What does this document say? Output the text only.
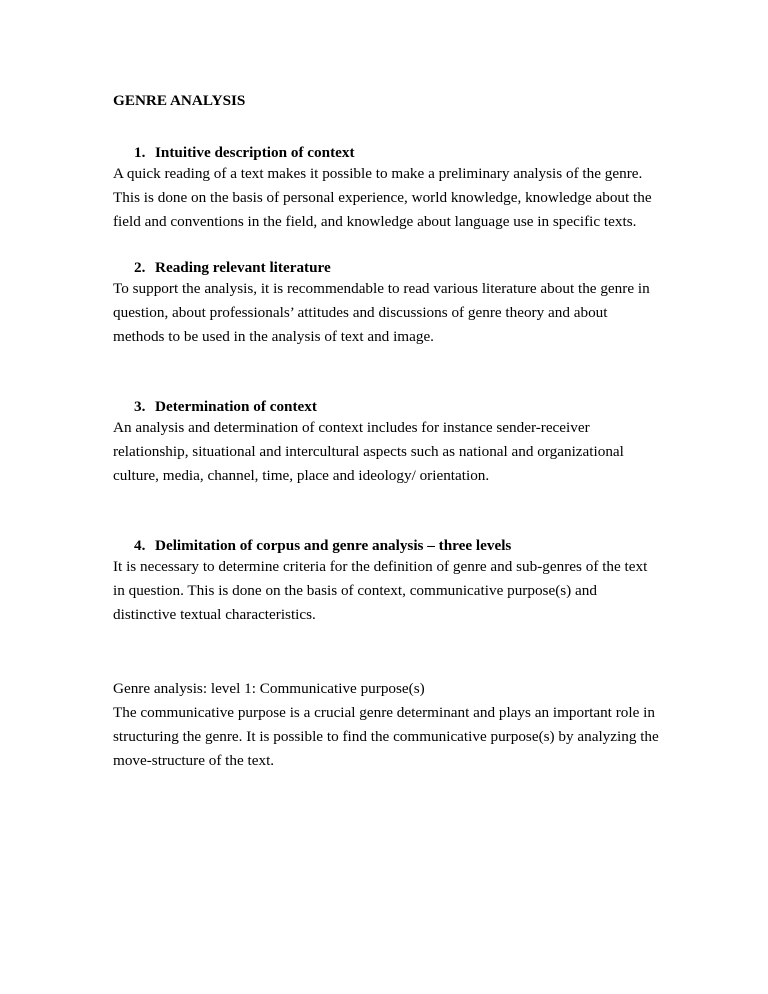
GENRE ANALYSIS
1. Intuitive description of context

A quick reading of a text makes it possible to make a preliminary analysis of the genre.
This is done on the basis of personal experience, world knowledge, knowledge about the
field and conventions in the field, and knowledge about language use in specific texts.

2. Reading relevant literature

To support the analysis, it is recommendable to read various literature about the genre in
question, about professionals’ attitudes and discussions of genre theory and about
methods to be used in the analysis of text and image.

3. Determination of context

An analysis and determination of context includes for instance sender-receiver
relationship, situational and intercultural aspects such as national and organizational
culture, media, channel, time, place and ideology/ orientation.

4. Delimitation of corpus and genre analysis – three levels

It is necessary to determine criteria for the definition of genre and sub-genres of the text
in question. This is done on the basis of context, communicative purpose(s) and
distinctive textual characteristics.

Genre analysis: level 1: Communicative purpose(s)
The communicative purpose is a crucial genre determinant and plays an important role in
structuring the genre. It is possible to find the communicative purpose(s) by analyzing the
move-structure of the text.
